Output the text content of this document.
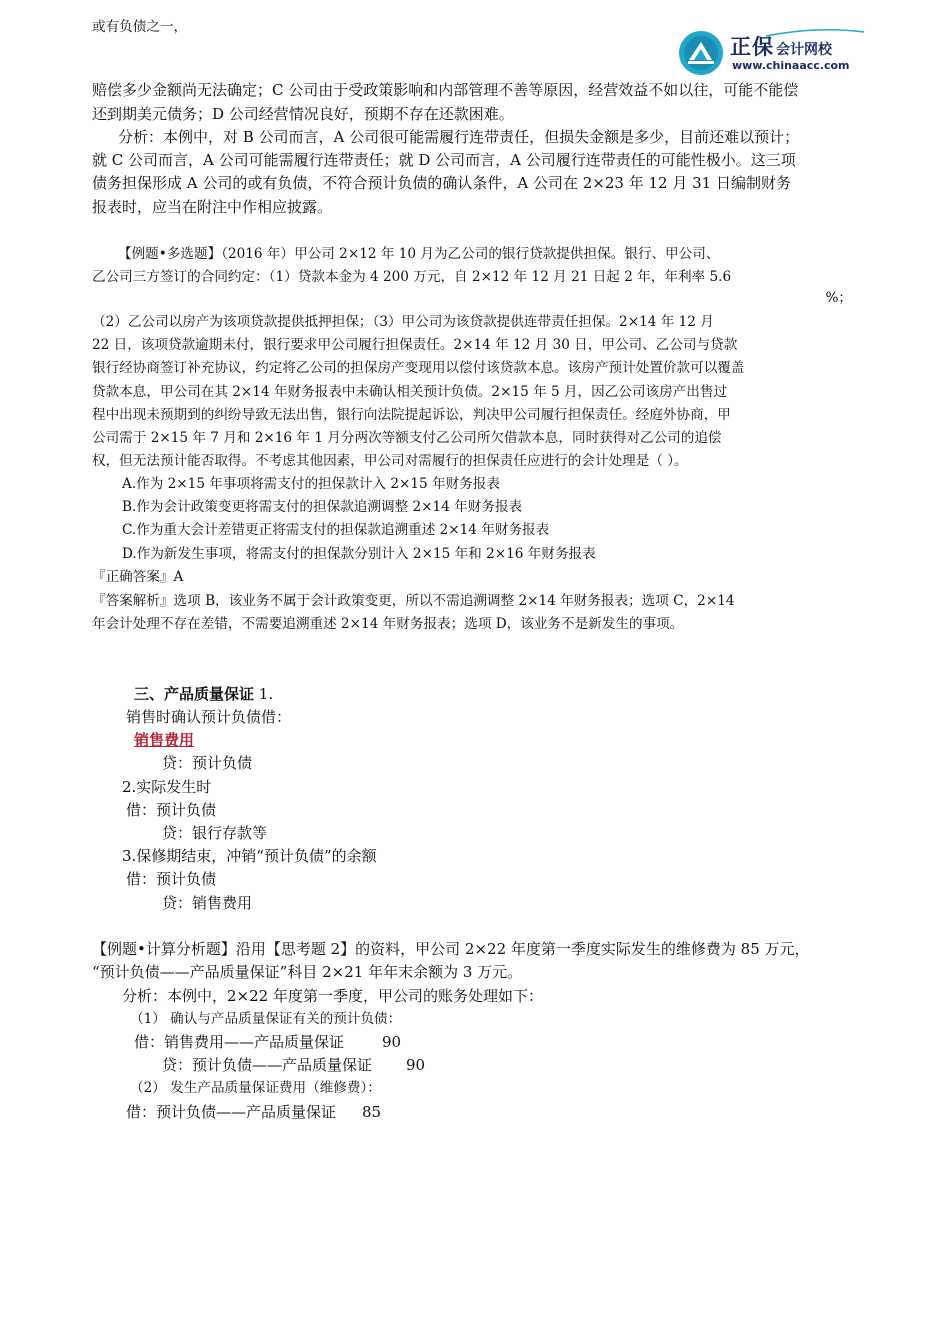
正保 会计网校
www.chinaacc.com
或有负债之一，
赔偿多少金额尚无法确定；C 公司由于受政策影响和内部管理不善等原因，经营效益不如以往，可能不能偿
还到期美元债务；D 公司经营情况良好，预期不存在还款困难。
分析：本例中，对 B 公司而言，A 公司很可能需履行连带责任，但损失金额是多少，目前还难以预计；
就 C 公司而言，A 公司可能需履行连带责任；就 D 公司而言，A 公司履行连带责任的可能性极小。这三项
债务担保形成 A 公司的或有负债，不符合预计负债的确认条件，A 公司在 2×23 年 12 月 31 日编制财务
报表时，应当在附注中作相应披露。
【例题•多选题】（2016 年）甲公司 2×12 年 10 月为乙公司的银行贷款提供担保。银行、甲公司、
乙公司三方签订的合同约定：（1）贷款本金为 4 200 万元，自 2×12 年 12 月 21 日起 2 年，年利率 5.6
%；
（2）乙公司以房产为该项贷款提供抵押担保；（3）甲公司为该贷款提供连带责任担保。2×14 年 12 月
22 日，该项贷款逾期未付，银行要求甲公司履行担保责任。2×14 年 12 月 30 日，甲公司、乙公司与贷款
银行经协商签订补充协议，约定将乙公司的担保房产变现用以偿付该贷款本息。该房产预计处置价款可以覆盖
贷款本息，甲公司在其 2×14 年财务报表中未确认相关预计负债。2×15 年 5 月，因乙公司该房产出售过
程中出现未预期到的纠纷导致无法出售，银行向法院提起诉讼，判决甲公司履行担保责任。经庭外协商，甲
公司需于 2×15 年 7 月和 2×16 年 1 月分两次等额支付乙公司所欠借款本息，同时获得对乙公司的追偿
权，但无法预计能否取得。不考虑其他因素，甲公司对需履行的担保责任应进行的会计处理是（ ）。
A.作为 2×15 年事项将需支付的担保款计入 2×15 年财务报表
B.作为会计政策变更将需支付的担保款追溯调整 2×14 年财务报表
C.作为重大会计差错更正将需支付的担保款追溯重述 2×14 年财务报表
D.作为新发生事项，将需支付的担保款分别计入 2×15 年和 2×16 年财务报表
『正确答案』A
『答案解析』选项 B，该业务不属于会计政策变更，所以不需追溯调整 2×14 年财务报表；选项 C，2×14
年会计处理不存在差错，不需要追溯重述 2×14 年财务报表；选项 D，该业务不是新发生的事项。
三、产品质量保证 1.
销售时确认预计负债借：
销售费用
贷：预计负债
2.实际发生时
借：预计负债
贷：银行存款等
3.保修期结束，冲销“预计负债”的余额
借：预计负债
贷：销售费用
【例题•计算分析题】沿用【思考题 2】的资料，甲公司 2×22 年度第一季度实际发生的维修费为 85 万元，
“预计负债——产品质量保证”科目 2×21 年年末余额为 3 万元。
分析：本例中，2×22 年度第一季度，甲公司的账务处理如下：
（1） 确认与产品质量保证有关的预计负债：
借：销售费用——产品质量保证	90
贷：预计负债——产品质量保证 90
（2） 发生产品质量保证费用（维修费）：
借：预计负债——产品质量保证 85
